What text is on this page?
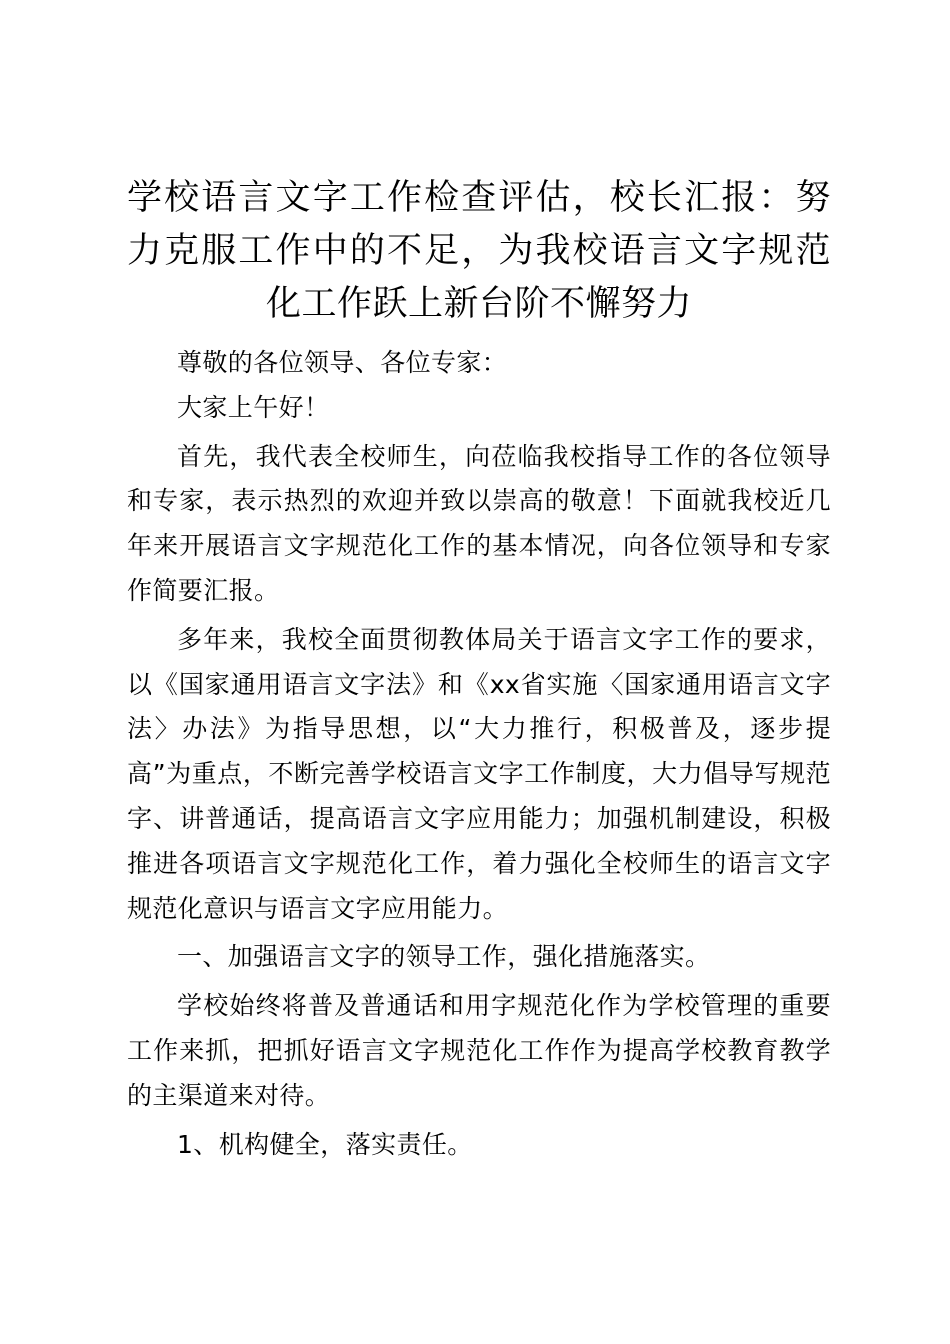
学校语言文字工作检查评估，校长汇报：努力克服工作中的不足，为我校语言文字规范化工作跃上新台阶不懈努力

尊敬的各位领导、各位专家：

大家上午好！

首先，我代表全校师生，向莅临我校指导工作的各位领导和专家，表示热烈的欢迎并致以崇高的敬意！下面就我校近几年来开展语言文字规范化工作的基本情况，向各位领导和专家作简要汇报。

多年来，我校全面贯彻教体局关于语言文字工作的要求，以《国家通用语言文字法》和《xx省实施〈国家通用语言文字法〉办法》为指导思想，以“大力推行，积极普及，逐步提高”为重点，不断完善学校语言文字工作制度，大力倡导写规范字、讲普通话，提高语言文字应用能力；加强机制建设，积极推进各项语言文字规范化工作，着力强化全校师生的语言文字规范化意识与语言文字应用能力。

一、加强语言文字的领导工作，强化措施落实。

学校始终将普及普通话和用字规范化作为学校管理的重要工作来抓，把抓好语言文字规范化工作作为提高学校教育教学的主渠道来对待。

1、机构健全，落实责任。
